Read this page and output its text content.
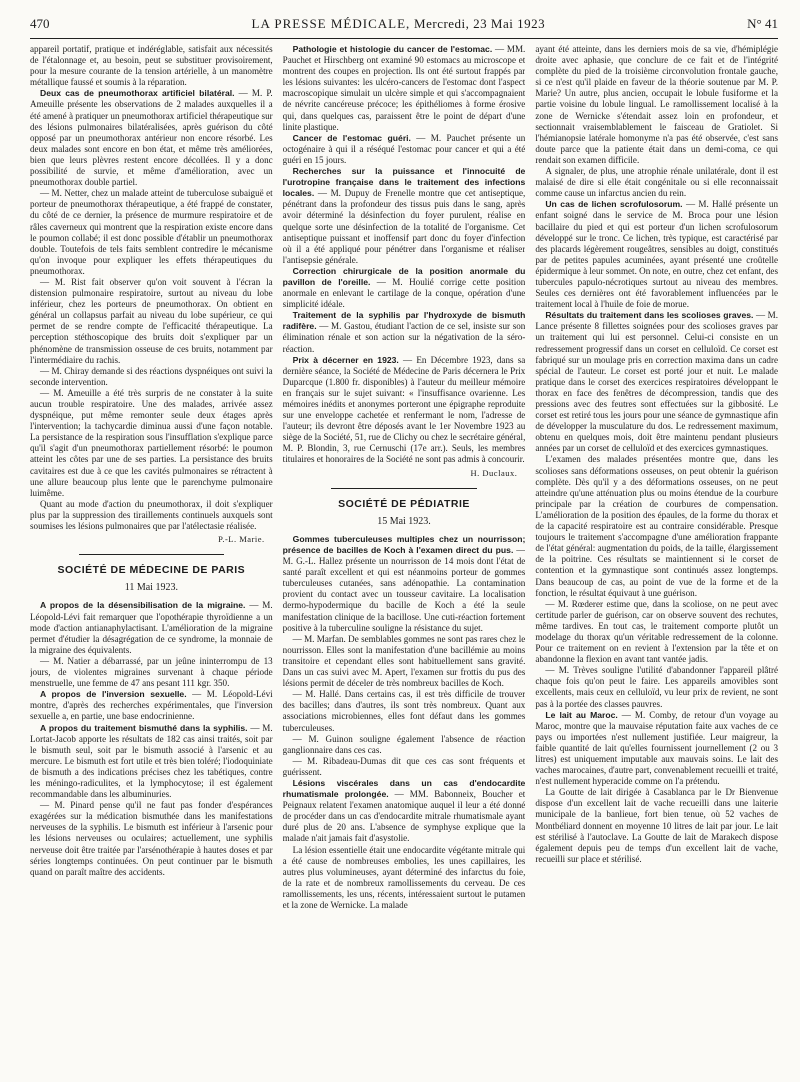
470	LA PRESSE MÉDICALE, Mercredi, 23 Mai 1923	N° 41

appareil portatif, pratique et indéréglable, satisfait aux nécessités de l'étalonnage et, au besoin, peut se substituer provisoirement, pour la mesure courante de la tension artérielle, à un manomètre métallique faussé et soumis à la réparation.

Deux cas de pneumothorax artificiel bilatéral. — M. P. Ameuille présente les observations de 2 malades auxquelles il a été amené à pratiquer un pneumothorax artificiel thérapeutique sur des lésions pulmonaires bilatéralisées, après guérison du côté opposé par un pneumothorax antérieur non encore résorbé. Les deux malades sont encore en bon état, et même très améliorées, bien que leurs plèvres restent encore décollées. Il y a donc possibilité de survie, et même d'amélioration, avec un pneumothorax double partiel.

— M. Netter, chez un malade atteint de tuberculose subaiguë et porteur de pneumothorax thérapeutique, a été frappé de constater, du côté de ce dernier, la présence de murmure respiratoire et de râles caverneux qui montrent que la respiration existe encore dans le poumon collabé; il est donc possible d'établir un pneumothorax double. Toutefois de tels faits semblent contredire le mécanisme qu'on invoque pour expliquer les effets thérapeutiques du pneumothorax.

— M. Rist fait observer qu'on voit souvent à l'écran la distension pulmonaire respiratoire, surtout au niveau du lobe inférieur, chez les porteurs de pneumothorax. On obtient en général un collapsus parfait au niveau du lobe supérieur, ce qui permet de se rendre compte de l'efficacité thérapeutique. La perception stéthoscopique des bruits doit s'expliquer par un phénomène de transmission osseuse de ces bruits, notamment par l'intermédiaire du rachis.

— M. Chiray demande si des réactions dyspnéiques ont suivi la seconde intervention.

— M. Ameuille a été très surpris de ne constater à la suite aucun trouble respiratoire. Une des malades, arrivée assez dyspnéique, put même remonter seule deux étages après l'intervention; la tachycardie diminua aussi d'une façon notable. La persistance de la respiration sous l'insufflation s'explique parce qu'il s'agit d'un pneumothorax partiellement résorbé: le poumon atteint les côtes par une de ses parties. La persistance des bruits cavitaires est due à ce que les cavités pulmonaires se rétractent à une allure beaucoup plus lente que le parenchyme pulmonaire luimême.

Quant au mode d'action du pneumothorax, il doit s'expliquer plus par la suppression des tiraillements continuels auxquels sont soumises les lésions pulmonaires que par l'atélectasie réalisée.

P.-L. Marie.
SOCIÉTÉ DE MÉDECINE DE PARIS
11 Mai 1923.

A propos de la désensibilisation de la migraine. — M. Léopold-Lévi fait remarquer que l'opothérapie thyroïdienne a un mode d'action antianaphylactisant. L'amélioration de la migraine permet d'étudier la désagrégation de ce syndrome, la monnaie de la migraine des équivalents.

— M. Natier a débarrassé, par un jeûne ininterrompu de 13 jours, de violentes migraines survenant à chaque période menstruelle, une femme de 47 ans pesant 111 kgr. 350.

A propos de l'inversion sexuelle. — M. Léopold-Lévi montre, d'après des recherches expérimentales, que l'inversion sexuelle a, en partie, une base endocrinienne.

A propos du traitement bismuthé dans la syphilis. — M. Lortat-Jacob apporte les résultats de 182 cas ainsi traités, soit par le bismuth seul, soit par le bismuth associé à l'arsenic et au mercure. Le bismuth est fort utile et très bien toléré; l'iodoquiniate de bismuth a des indications précises chez les tabétiques, contre les méningo-radiculites, et la lymphocytose; il est également recommandable dans les albuminuries.

— M. Pinard pense qu'il ne faut pas fonder d'espérances exagérées sur la médication bismuthée dans les manifestations nerveuses de la syphilis. Le bismuth est inférieur à l'arsenic pour les lésions nerveuses ou oculaires; actuellement, une syphilis nerveuse doit être traitée par l'arsénothérapie à hautes doses et par séries longtemps continuées. On peut continuer par le bismuth quand on paraît maître des accidents.

Pathologie et histologie du cancer de l'estomac. — MM. Pauchet et Hirschberg ont examiné 90 estomacs au microscope et montrent des coupes en projection. Ils ont été surtout frappés par les lésions suivantes: les ulcéro-cancers de l'estomac dont l'aspect macroscopique simulait un ulcère simple et qui s'accompagnaient de névrite cancéreuse précoce; les épithéliomes à forme érosive qui, dans quelques cas, paraissent être le point de départ d'une linite plastique.

Cancer de l'estomac guéri. — M. Pauchet présente un octogénaire à qui il a réséqué l'estomac pour cancer et qui a été guéri en 15 jours.

Recherches sur la puissance et l'innocuité de l'urotropine française dans le traitement des infections locales. — M. Dupuy de Frenelle montre que cet antiseptique, pénétrant dans la profondeur des tissus puis dans le sang, après avoir déterminé la désinfection du foyer purulent, réalise en quelque sorte une désinfection de la totalité de l'organisme. Cet antiseptique puissant et inoffensif part donc du foyer d'infection où il a été appliqué pour pénétrer dans l'organisme et réaliser l'antisepsie générale.

Correction chirurgicale de la position anormale du pavillon de l'oreille. — M. Houlié corrige cette position anormale en enlevant le cartilage de la conque, opération d'une simplicité idéale.

Traitement de la syphilis par l'hydroxyde de bismuth radifère. — M. Gastou, étudiant l'action de ce sel, insiste sur son élimination rénale et son action sur la négativation de la séro-réaction.

Prix à décerner en 1923. — En Décembre 1923, dans sa dernière séance, la Société de Médecine de Paris décernera le Prix Duparcque (1.800 fr. disponibles) à l'auteur du meilleur mémoire en français sur le sujet suivant: « l'insuffisance ovarienne. Les mémoires inédits et anonymes porteront une épigraphe reproduite sur une enveloppe cachetée et renfermant le nom, l'adresse de l'auteur; ils devront être déposés avant le 1er Novembre 1923 au siège de la Société, 51, rue de Clichy ou chez le secrétaire général, M. P. Blondin, 3, rue Cernuschi (17e arr.). Seuls, les membres titulaires et honoraires de la Société ne sont pas admis à concourir.

H. Duclaux.
SOCIÉTÉ DE PÉDIATRIE
15 Mai 1923.

Gommes tuberculeuses multiples chez un nourrisson; présence de bacilles de Koch à l'examen direct du pus. — M. G.-L. Hallez présente un nourrisson de 14 mois dont l'état de santé paraît excellent et qui est néanmoins porteur de gommes tuberculeuses cutanées, sans adénopathie. La contamination provient du contact avec un tousseur cavitaire. La localisation dermo-hypodermique du bacille de Koch a été la seule manifestation clinique de la bacillose. Une cuti-réaction fortement positive à la tuberculine souligne la résistance du sujet.

— M. Marfan. De semblables gommes ne sont pas rares chez le nourrisson. Elles sont la manifestation d'une bacillémie au moins transitoire et cependant elles sont habituellement sans gravité. Dans un cas suivi avec M. Apert, l'examen sur frottis du pus des lésions permit de déceler de très nombreux bacilles de Koch.

— M. Hallé. Dans certains cas, il est très difficile de trouver des bacilles; dans d'autres, ils sont très nombreux. Quant aux associations microbiennes, elles font défaut dans les gommes tuberculeuses.

— M. Guinon souligne également l'absence de réaction ganglionnaire dans ces cas.

— M. Ribadeau-Dumas dit que ces cas sont fréquents et guérissent.

Lésions viscérales dans un cas d'endocardite rhumatismale prolongée. — MM. Babonneix, Boucher et Peignaux relatent l'examen anatomique auquel il leur a été donné de procéder dans un cas d'endocardite mitrale rhumatismale ayant duré plus de 20 ans. L'absence de symphyse explique que la malade n'ait jamais fait d'asystolie.

La lésion essentielle était une endocardite végétante mitrale qui a été cause de nombreuses embolies, les unes capillaires, les autres plus volumineuses, ayant déterminé des infarctus du foie, de la rate et de nombreux ramollissements du cerveau. De ces ramollissements, les uns, récents, intéressaient surtout le putamen et la zone de Wernicke. La malade

ayant été atteinte, dans les derniers mois de sa vie, d'hémiplégie droite avec aphasie, que conclure de ce fait et de l'intégrité complète du pied de la troisième circonvolution frontale gauche, si ce n'est qu'il plaide en faveur de la théorie soutenue par M. P. Marie? Un autre, plus ancien, occupait le lobule fusiforme et la partie voisine du lobule lingual. Le ramollissement localisé à la zone de Wernicke s'étendait assez loin en profondeur, et sectionnait vraisemblablement le faisceau de Gratiolet. Si l'hémianopsie latérale homonyme n'a pas été observée, c'est sans doute parce que la patiente était dans un demi-coma, ce qui rendait son examen difficile.

A signaler, de plus, une atrophie rénale unilatérale, dont il est malaisé de dire si elle était congénitale ou si elle reconnaissait comme cause un infarctus ancien du rein.

Un cas de lichen scrofulosorum. — M. Hallé présente un enfant soigné dans le service de M. Broca pour une lésion bacillaire du pied et qui est porteur d'un lichen scrofulosorum développé sur le tronc. Ce lichen, très typique, est caractérisé par des placards légèrement rougeâtres, sensibles au doigt, constitués par de petites papules acuminées, ayant présenté une croûtelle épidermique à leur sommet. On note, en outre, chez cet enfant, des tubercules papulo-nécrotiques surtout au niveau des membres. Seules ces dernières ont été favorablement influencées par le traitement local à l'huile de foie de morue.

Résultats du traitement dans les scolioses graves. — M. Lance présente 8 fillettes soignées pour des scolioses graves par un traitement qui lui est personnel. Celui-ci consiste en un redressement progressif dans un corset en celluloïd. Ce corset est fabriqué sur un moulage pris en correction maxima dans un cadre spécial de l'auteur. Le corset est porté jour et nuit. Le malade pratique dans le corset des exercices respiratoires développant le thorax en face des fenêtres de décompression, tandis que des pressions avec des feutres sont effectuées sur la gibbosité. Le corset est retiré tous les jours pour une séance de gymnastique afin de développer la musculature du dos. Le redressement maximum, obtenu en quelques mois, doit être maintenu pendant plusieurs années par un corset de celluloïd et des exercices gymnastiques.

L'examen des malades présentées montre que, dans les scolioses sans déformations osseuses, on peut obtenir la guérison complète. Dès qu'il y a des déformations osseuses, on ne peut atteindre qu'une atténuation plus ou moins étendue de la courbure principale par la création de courbures de compensation. L'amélioration de la position des épaules, de la forme du thorax et de la capacité respiratoire est au contraire considérable. Presque toujours le traitement s'accompagne d'une amélioration frappante de l'état général: augmentation du poids, de la taille, élargissement de la poitrine. Ces résultats se maintiennent si le corset de contention et la gymnastique sont continués assez longtemps. Dans beaucoup de cas, au point de vue de la forme et de la fonction, le résultat équivaut à une guérison.

— M. Rœderer estime que, dans la scoliose, on ne peut avec certitude parler de guérison, car on observe souvent des rechutes, même tardives. En tout cas, le traitement comporte plutôt un modelage du thorax qu'un véritable redressement de la colonne. Pour ce traitement on en revient à l'extension par la tête et on abandonne la flexion en avant tant vantée jadis.

— M. Trèves souligne l'utilité d'abandonner l'appareil plâtré chaque fois qu'on peut le faire. Les appareils amovibles sont excellents, mais ceux en celluloïd, vu leur prix de revient, ne sont pas à la portée des classes pauvres.

Le lait au Maroc. — M. Comby, de retour d'un voyage au Maroc, montre que la mauvaise réputation faite aux vaches de ce pays ou importées n'est nullement justifiée. Leur maigreur, la faible quantité de lait qu'elles fournissent journellement (2 ou 3 litres) est uniquement imputable aux mauvais soins. Le lait des vaches marocaines, d'autre part, convenablement recueilli et traité, n'est nullement hyperacide comme on l'a prétendu.

La Goutte de lait dirigée à Casablanca par le Dr Bienvenue dispose d'un excellent lait de vache recueilli dans une laiterie municipale de la banlieue, fort bien tenue, où 52 vaches de Montbéliard donnent en moyenne 10 litres de lait par jour. Le lait est stérilisé à l'autoclave. La Goutte de lait de Marakech dispose également depuis peu de temps d'un excellent lait de vache, recueilli sur place et stérilisé.
